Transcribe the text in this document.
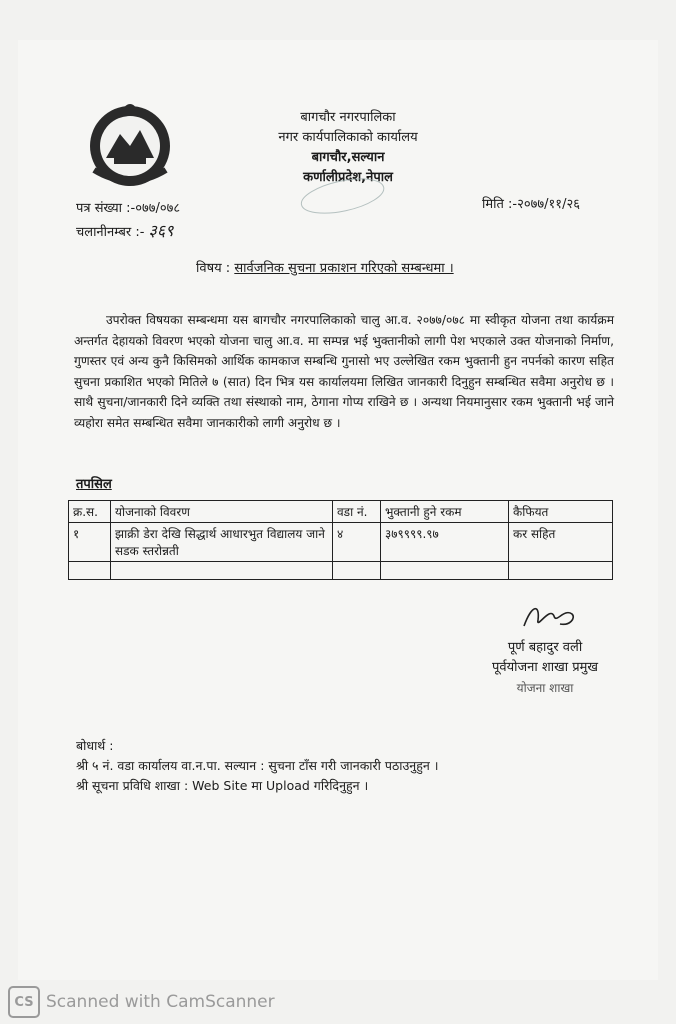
बागचौर नगरपालिका
नगर कार्यपालिकाको कार्यालय
बागचौर,सल्यान
कर्णालीप्रदेश,नेपाल
पत्र संख्या :-०७७/०७८
चलानीनम्बर :- ३६९
मिति :-२०७७/११/२६
विषय : सार्वजनिक सुचना प्रकाशन गरिएको सम्बन्धमा ।
उपरोक्त विषयका सम्बन्धमा यस बागचौर नगरपालिकाको चालु आ.व. २०७७/०७८ मा स्वीकृत योजना तथा कार्यक्रम अन्तर्गत देहायको विवरण भएको योजना चालु आ.व. मा सम्पन्न भई भुक्तानीको लागी पेश भएकाले उक्त योजनाको निर्माण, गुणस्तर एवं अन्य कुनै किसिमको आर्थिक कामकाज सम्बन्धि गुनासो भए उल्लेखित रकम भुक्तानी हुन नपर्नको कारण सहित सुचना प्रकाशित भएको मितिले ७ (सात) दिन भित्र यस कार्यालयमा लिखित जानकारी दिनुहुन सम्बन्धित सवैमा अनुरोध छ । साथै सुचना/जानकारी दिने व्यक्ति तथा संस्थाको नाम, ठेगाना गोप्य राखिने छ । अन्यथा नियमानुसार रकम भुक्तानी भई जाने व्यहोरा समेत सम्बन्धित सवैमा जानकारीको लागी अनुरोध छ ।
तपसिल
क्र.स.	योजनाको विवरण	वडा नं.	भुक्तानी हुने रकम	कैफियत
१	झाक्री डेरा देखि सिद्धार्थ आधारभुत विद्यालय जाने सडक स्तरोन्नती	४	३७९९९९.९७	कर सहित

पूर्ण बहादुर वली
पूर्वयोजना शाखा प्रमुख
योजना शाखा
बोधार्थ :
श्री ५ नं. वडा कार्यालय वा.न.पा. सल्यान : सुचना टाँस गरी जानकारी पठाउनुहुन ।
श्री सूचना प्रविधि शाखा : Web Site मा Upload गरिदिनुहुन ।
CS Scanned with CamScanner
